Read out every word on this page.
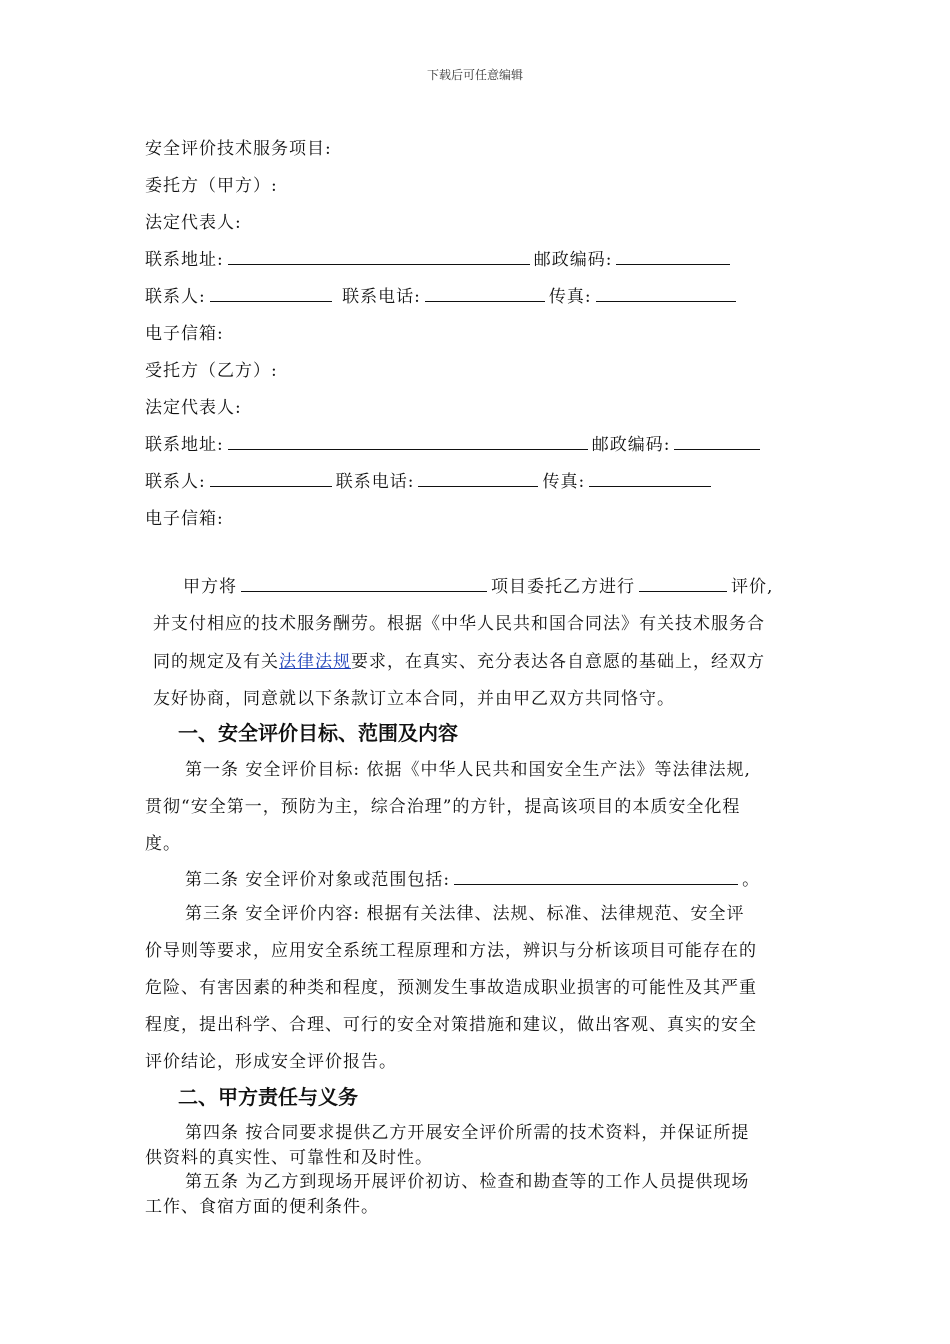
下载后可任意编辑
安全评价技术服务项目:
委托方（甲方）:
法定代表人:
联系地址:	邮政编码:
联系人:	联系电话:	传真:
电子信箱:
受托方（乙方）:
法定代表人:
联系地址:	邮政编码:
联系人:	联系电话:	传真:
电子信箱:
甲方将	项目委托乙方进行	评价,
并支付相应的技术服务酬劳。根据《中华人民共和国合同法》有关技术服务合
同的规定及有关法律法规要求，在真实、充分表达各自意愿的基础上，经双方
友好协商，同意就以下条款订立本合同，并由甲乙双方共同恪守。
一、安全评价目标、范围及内容
第一条 安全评价目标: 依据《中华人民共和国安全生产法》等法律法规,
贯彻“安全第一，预防为主，综合治理”的方针，提高该项目的本质安全化程
度。
第二条 安全评价对象或范围包括:	。
第三条 安全评价内容: 根据有关法律、法规、标准、法律规范、安全评
价导则等要求，应用安全系统工程原理和方法，辨识与分析该项目可能存在的
危险、有害因素的种类和程度，预测发生事故造成职业损害的可能性及其严重
程度，提出科学、合理、可行的安全对策措施和建议，做出客观、真实的安全
评价结论，形成安全评价报告。
二、甲方责任与义务
第四条 按合同要求提供乙方开展安全评价所需的技术资料，并保证所提
供资料的真实性、可靠性和及时性。
第五条 为乙方到现场开展评价初访、检查和勘查等的工作人员提供现场
工作、食宿方面的便利条件。
